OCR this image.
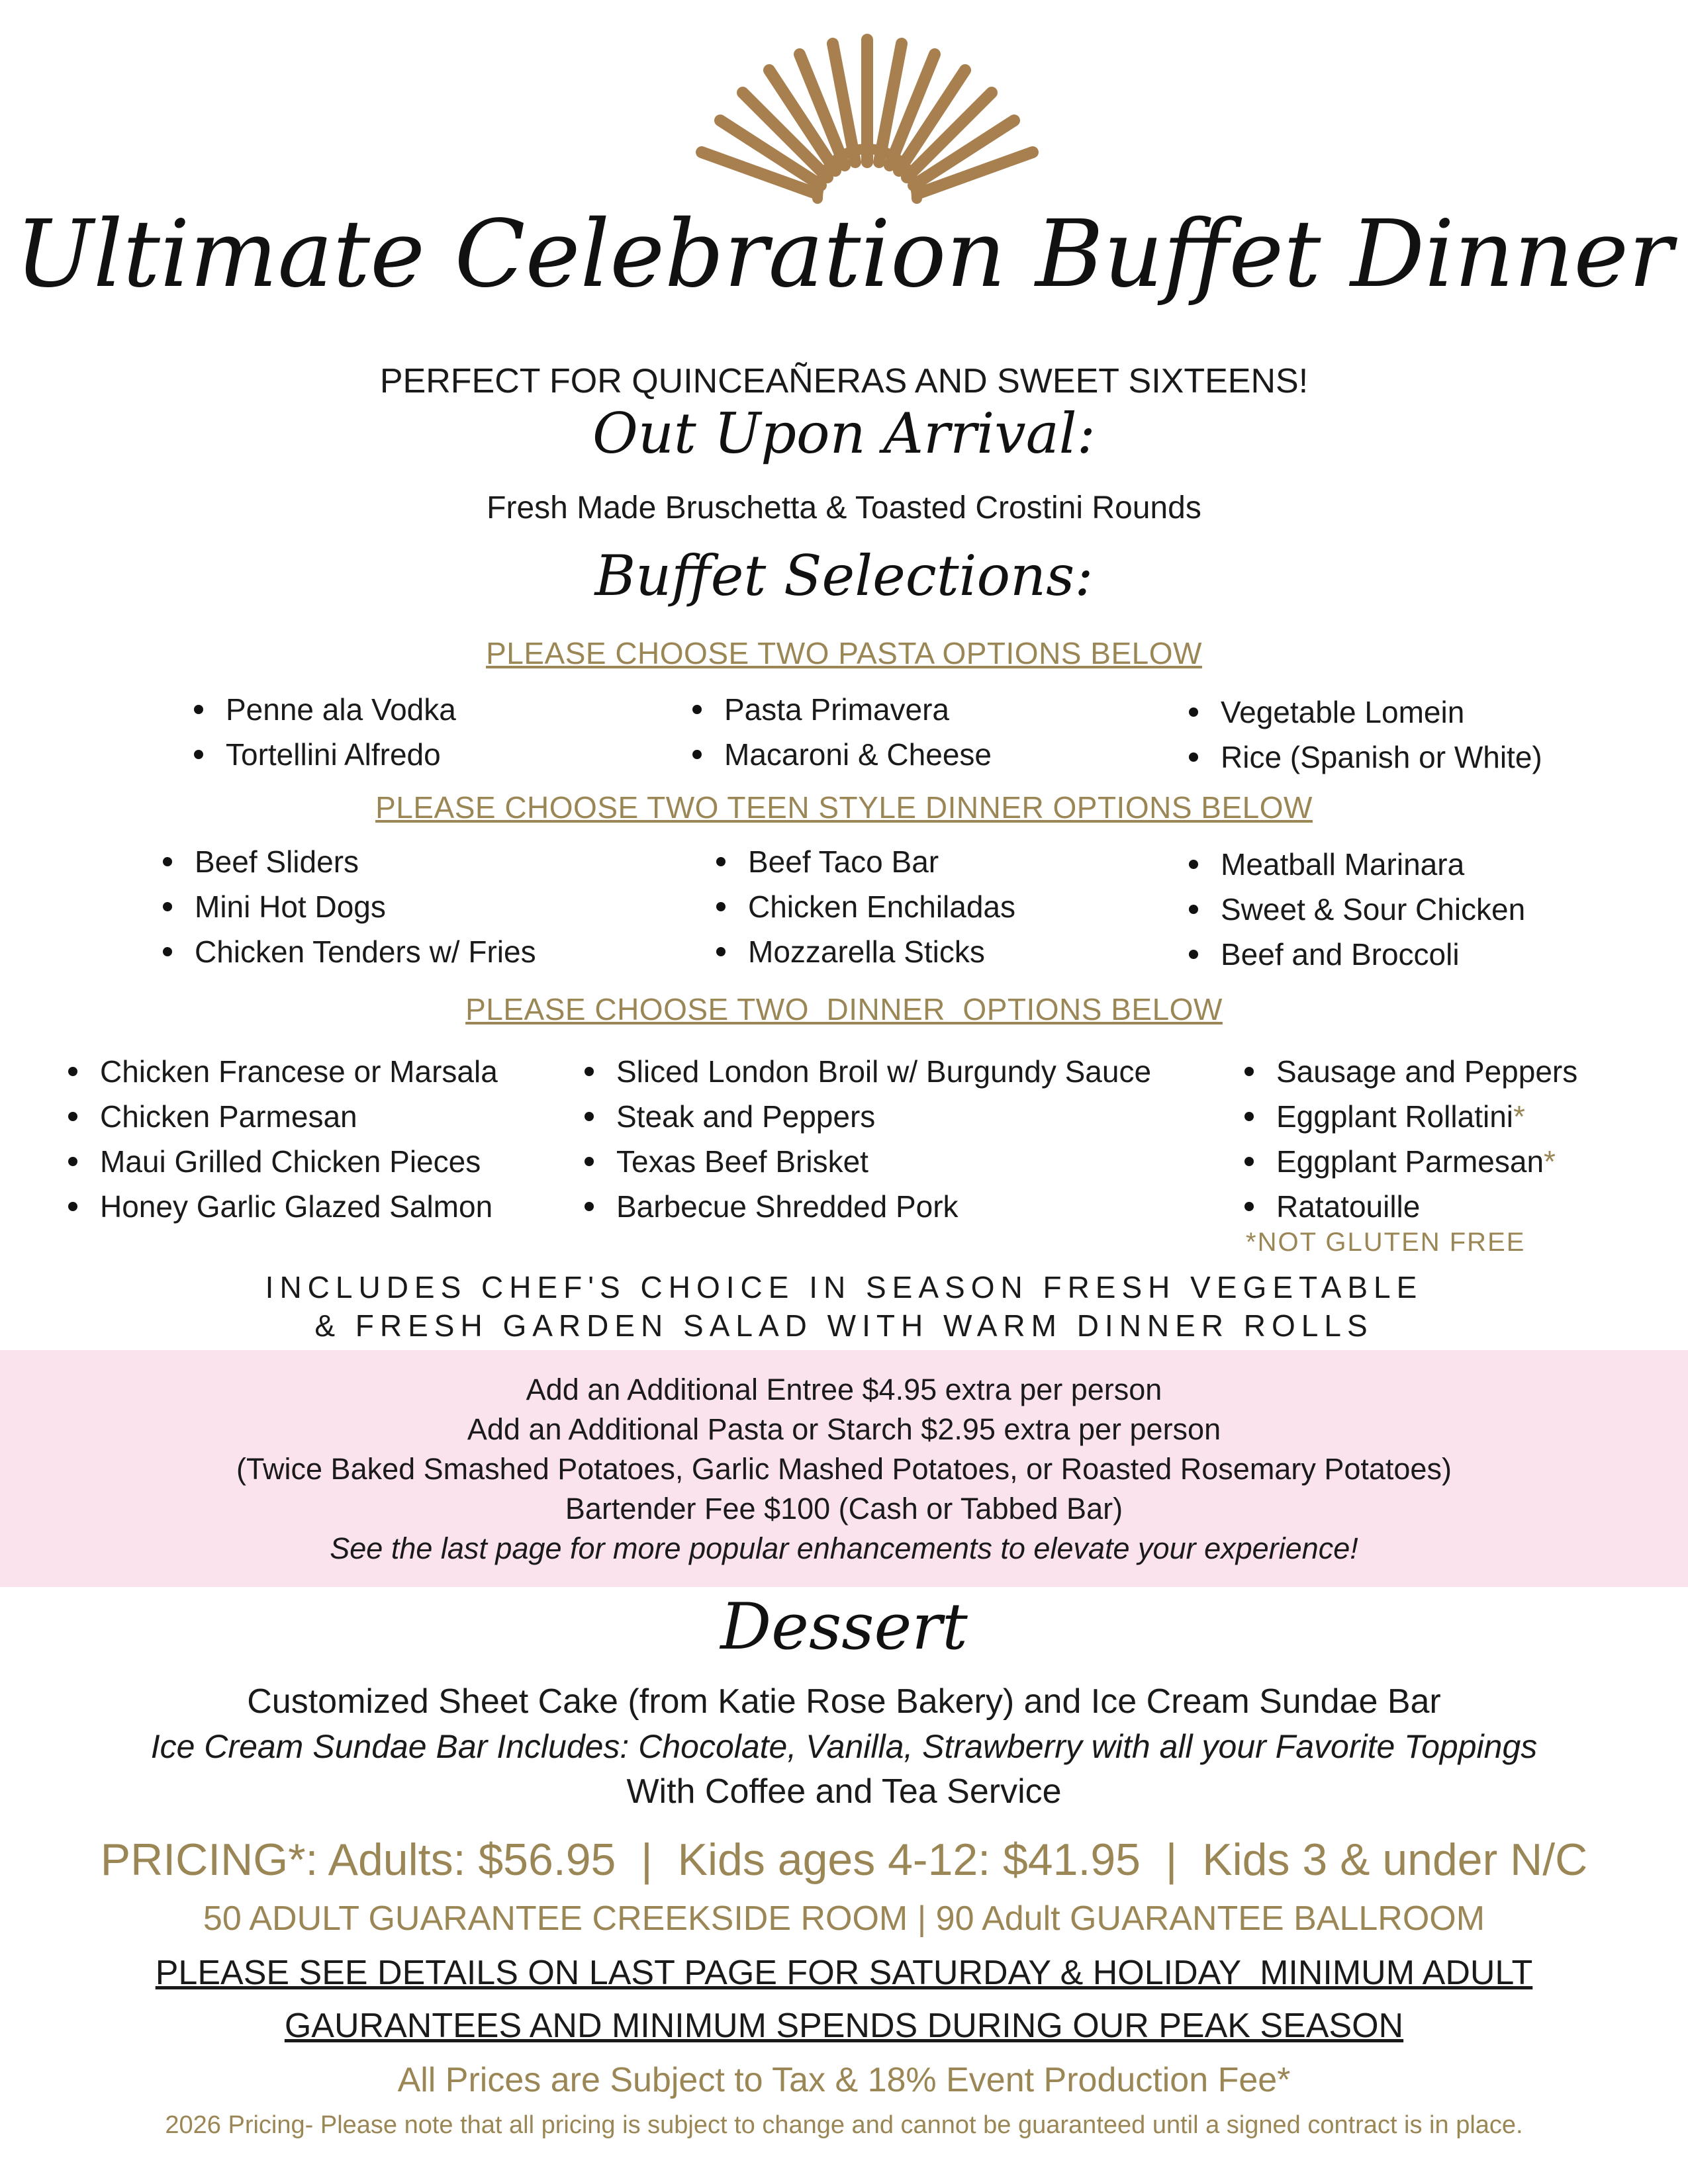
Ultimate Celebration Buffet Dinner
PERFECT FOR QUINCEAÑERAS AND SWEET SIXTEENS!
Out Upon Arrival:
Fresh Made Bruschetta & Toasted Crostini Rounds
Buffet Selections:
PLEASE CHOOSE TWO PASTA OPTIONS BELOW
Penne ala Vodka
Tortellini Alfredo
Pasta Primavera
Macaroni & Cheese
Vegetable Lomein
Rice (Spanish or White)
PLEASE CHOOSE TWO TEEN STYLE DINNER OPTIONS BELOW
Beef Sliders
Mini Hot Dogs
Chicken Tenders w/ Fries
Beef Taco Bar
Chicken Enchiladas
Mozzarella Sticks
Meatball Marinara
Sweet & Sour Chicken
Beef and Broccoli
PLEASE CHOOSE TWO  DINNER  OPTIONS BELOW
Chicken Francese or Marsala
Chicken Parmesan
Maui Grilled Chicken Pieces
Honey Garlic Glazed Salmon
Sliced London Broil w/ Burgundy Sauce
Steak and Peppers
Texas Beef Brisket
Barbecue Shredded Pork
Sausage and Peppers
Eggplant Rollatini*
Eggplant Parmesan*
Ratatouille
*NOT GLUTEN FREE
INCLUDES CHEF'S CHOICE IN SEASON FRESH VEGETABLE
& FRESH GARDEN SALAD WITH WARM DINNER ROLLS

Add an Additional Entree $4.95 extra per person

Add an Additional Pasta or Starch $2.95 extra per person

(Twice Baked Smashed Potatoes, Garlic Mashed Potatoes, or Roasted Rosemary Potatoes)

Bartender Fee $100 (Cash or Tabbed Bar)

See the last page for more popular enhancements to elevate your experience!

Dessert
Customized Sheet Cake (from Katie Rose Bakery) and Ice Cream Sundae Bar
Ice Cream Sundae Bar Includes: Chocolate, Vanilla, Strawberry with all your Favorite Toppings
With Coffee and Tea Service
PRICING*: Adults: $56.95  |  Kids ages 4-12: $41.95  |  Kids 3 & under N/C
50 ADULT GUARANTEE CREEKSIDE ROOM | 90 Adult GUARANTEE BALLROOM
PLEASE SEE DETAILS ON LAST PAGE FOR SATURDAY & HOLIDAY  MINIMUM ADULT
GAURANTEES AND MINIMUM SPENDS DURING OUR PEAK SEASON
All Prices are Subject to Tax & 18% Event Production Fee*
2026 Pricing- Please note that all pricing is subject to change and cannot be guaranteed until a signed contract is in place.
